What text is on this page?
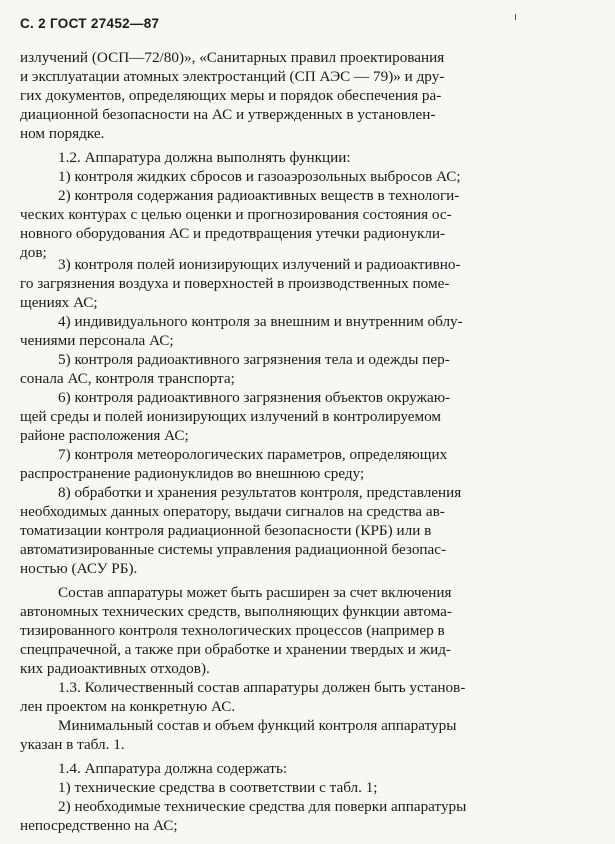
С. 2 ГОСТ 27452—87
излучений (ОСП—72/80)», «Санитарных правил проектирования
и эксплуатации атомных электростанций (СП АЭС — 79)» и дру-
гих документов, определяющих меры и порядок обеспечения ра-
диационной безопасности на АС и утвержденных в установлен-
ном порядке.
1.2. Аппаратура должна выполнять функции:
1) контроля жидких сбросов и газоаэрозольных выбросов АС;
2) контроля содержания радиоактивных веществ в технологи-
ческих контурах с целью оценки и прогнозирования состояния ос-
новного оборудования АС и предотвращения утечки радионукли-
дов;
3) контроля полей ионизирующих излучений и радиоактивно-
го загрязнения воздуха и поверхностей в производственных поме-
щениях АС;
4) индивидуального контроля за внешним и внутренним облу-
чениями персонала АС;
5) контроля радиоактивного загрязнения тела и одежды пер-
сонала АС, контроля транспорта;
6) контроля радиоактивного загрязнения объектов окружаю-
щей среды и полей ионизирующих излучений в контролируемом
районе расположения АС;
7) контроля метеорологических параметров, определяющих
распространение радионуклидов во внешнюю среду;
8) обработки и хранения результатов контроля, представления
необходимых данных оператору, выдачи сигналов на средства ав-
томатизации контроля радиационной безопасности (КРБ) или в
автоматизированные системы управления радиационной безопас-
ностью (АСУ РБ).
Состав аппаратуры может быть расширен за счет включения
автономных технических средств, выполняющих функции автома-
тизированного контроля технологических процессов (например в
спецпрачечной, а также при обработке и хранении твердых и жид-
ких радиоактивных отходов).
1.3. Количественный состав аппаратуры должен быть установ-
лен проектом на конкретную АС.
Минимальный состав и объем функций контроля аппаратуры
указан в табл. 1.
1.4. Аппаратура должна содержать:
1) технические средства в соответствии с табл. 1;
2) необходимые технические средства для поверки аппаратуры
непосредственно на АС;
